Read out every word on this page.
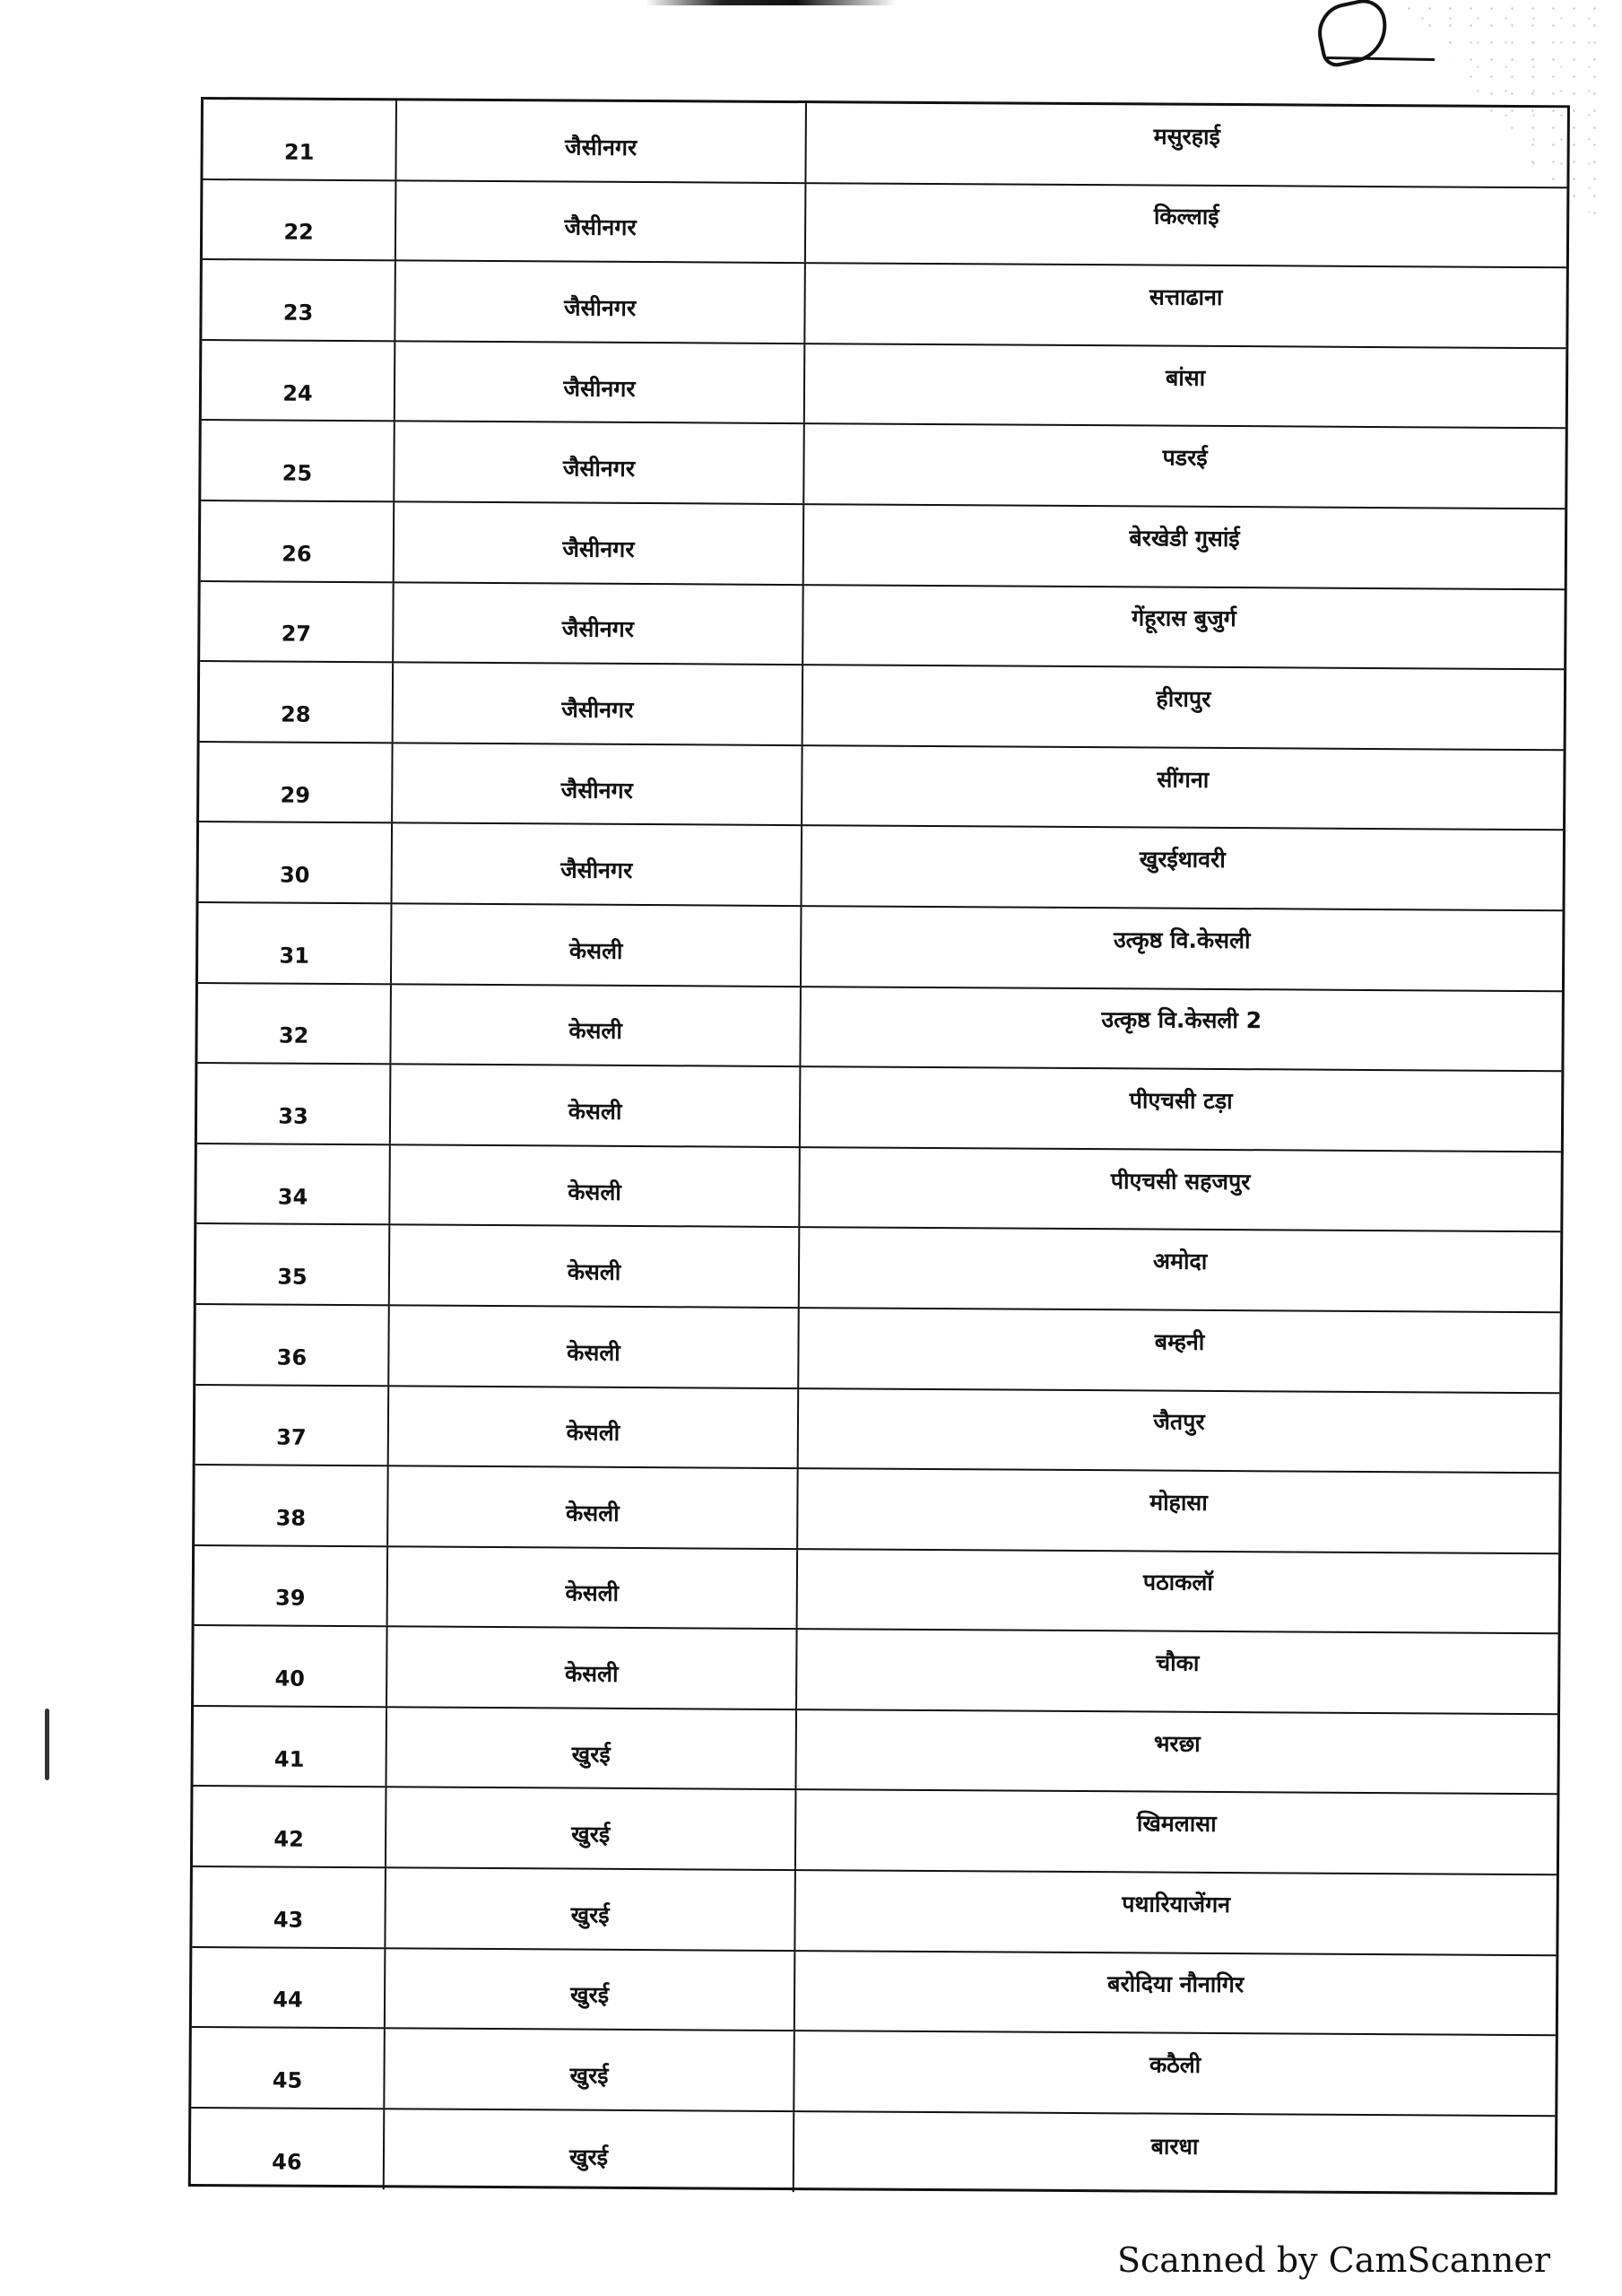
21	जैसीनगर	मसुरहाई
22	जैसीनगर	किल्लाई
23	जैसीनगर	सत्ताढाना
24	जैसीनगर	बांसा
25	जैसीनगर	पडरई
26	जैसीनगर	बेरखेडी गुसांई
27	जैसीनगर	गेंहूरास बुजुर्ग
28	जैसीनगर	हीरापुर
29	जैसीनगर	सींगना
30	जैसीनगर	खुरईथावरी
31	केसली	उत्कृष्ठ वि.केसली
32	केसली	उत्कृष्ठ वि.केसली 2
33	केसली	पीएचसी टड़ा
34	केसली	पीएचसी सहजपुर
35	केसली	अमोदा
36	केसली	बम्हनी
37	केसली	जैतपुर
38	केसली	मोहासा
39	केसली	पठाकलॉ
40	केसली	चौका
41	खुरई	भरछा
42	खुरई	खिमलासा
43	खुरई	पथारियाजेंगन
44	खुरई	बरोदिया नौनागिर
45	खुरई	कठैली
46	खुरई	बारधा
Scanned by CamScanner
